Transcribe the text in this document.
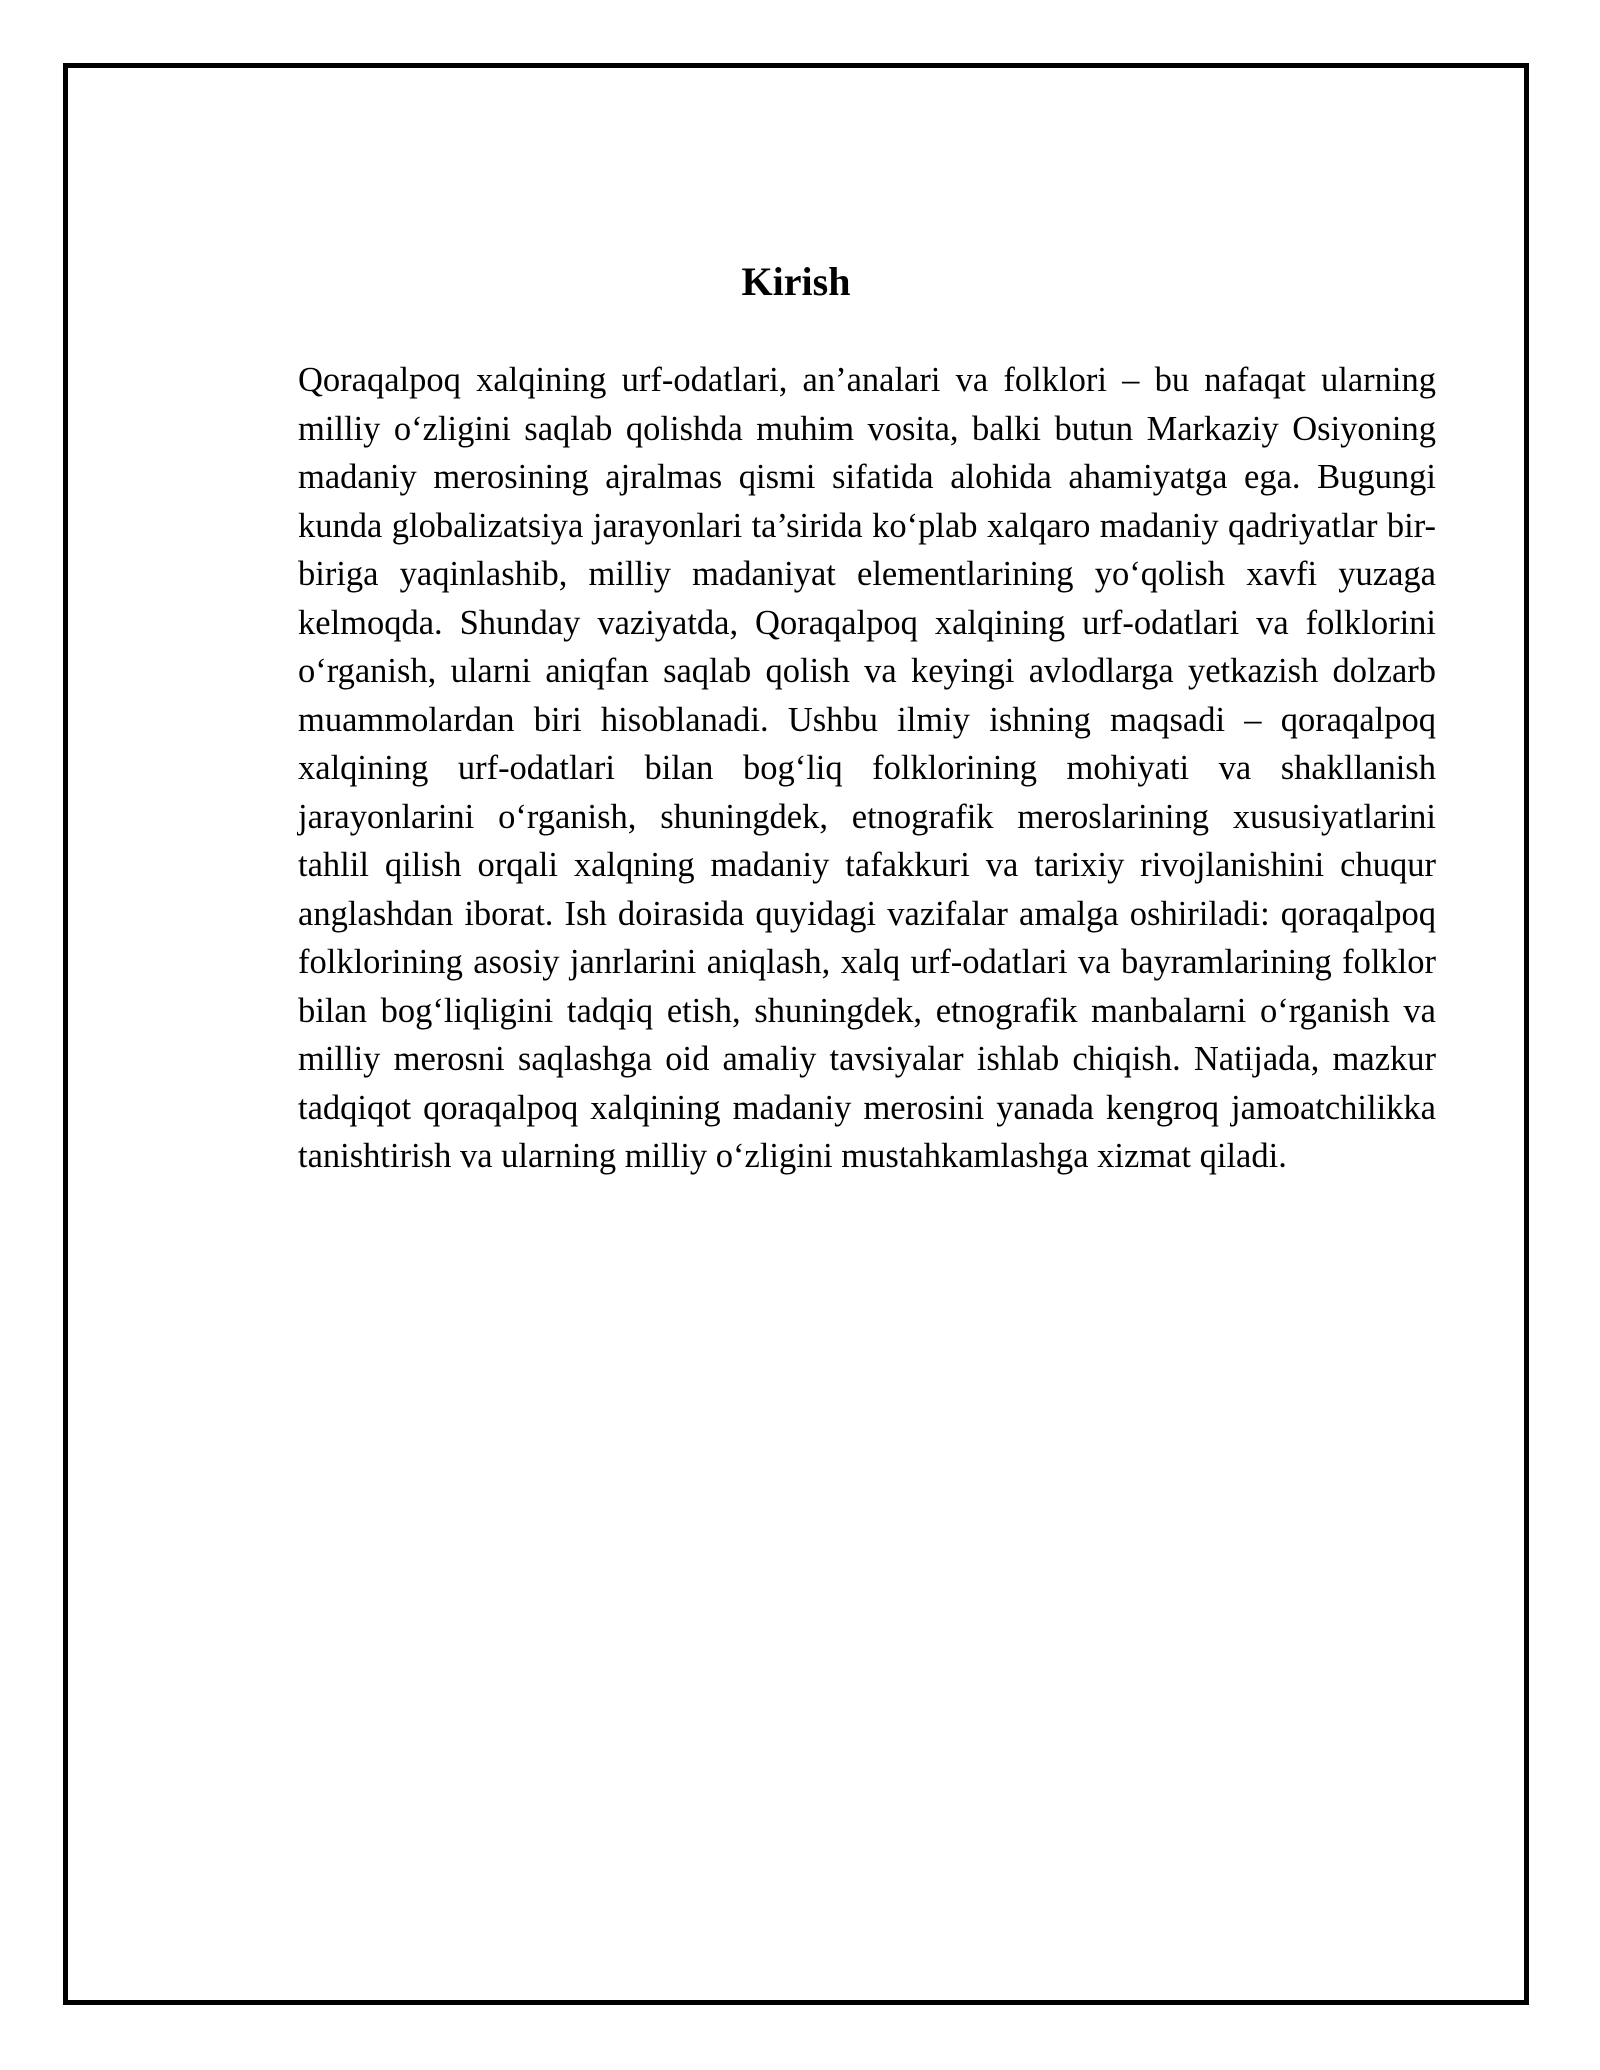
Kirish

Qoraqalpoq xalqining urf-odatlari, an’analari va folklori – bu nafaqat ularning milliy o‘zligini saqlab qolishda muhim vosita, balki butun Markaziy Osiyoning madaniy merosining ajralmas qismi sifatida alohida ahamiyatga ega. Bugungi kunda globalizatsiya jarayonlari ta’sirida ko‘plab xalqaro madaniy qadriyatlar bir-biriga yaqinlashib, milliy madaniyat elementlarining yo‘qolish xavfi yuzaga kelmoqda. Shunday vaziyatda, Qoraqalpoq xalqining urf-odatlari va folklorini o‘rganish, ularni aniqfan saqlab qolish va keyingi avlodlarga yetkazish dolzarb muammolardan biri hisoblanadi. Ushbu ilmiy ishning maqsadi – qoraqalpoq xalqining urf-odatlari bilan bog‘liq folklorining mohiyati va shakllanish jarayonlarini o‘rganish, shuningdek, etnografik meroslarining xususiyatlarini tahlil qilish orqali xalqning madaniy tafakkuri va tarixiy rivojlanishini chuqur anglashdan iborat. Ish doirasida quyidagi vazifalar amalga oshiriladi: qoraqalpoq folklorining asosiy janrlarini aniqlash, xalq urf-odatlari va bayramlarining folklor bilan bog‘liqligini tadqiq etish, shuningdek, etnografik manbalarni o‘rganish va milliy merosni saqlashga oid amaliy tavsiyalar ishlab chiqish. Natijada, mazkur tadqiqot qoraqalpoq xalqining madaniy merosini yanada kengroq jamoatchilikka tanishtirish va ularning milliy o‘zligini mustahkamlashga xizmat qiladi.
